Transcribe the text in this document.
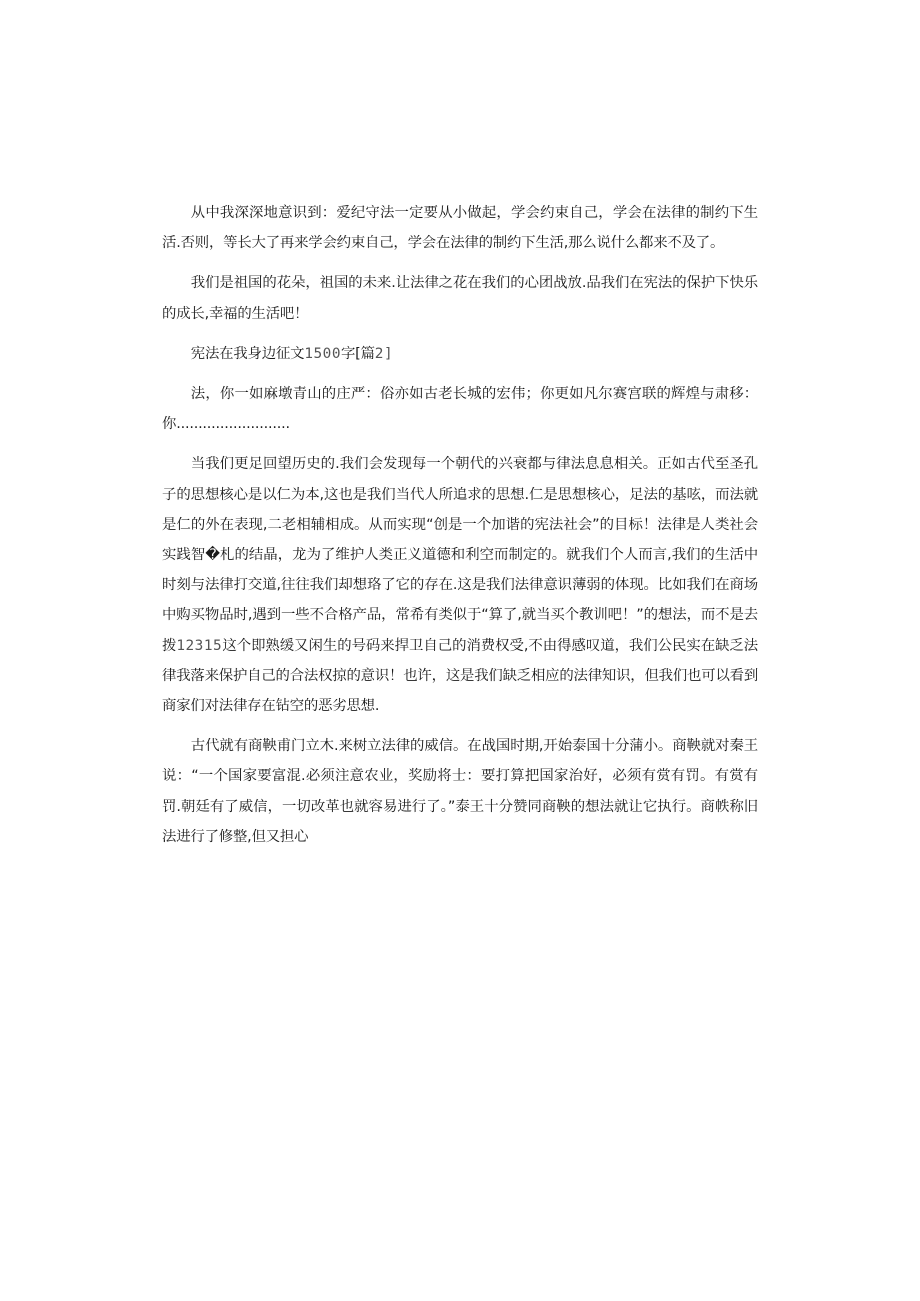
从中我深深地意识到：爱纪守法一定要从小做起，学会约束自己，学会在法律的制约下生活.否则，等长大了再来学会约束自己，学会在法律的制约下生活,那么说什么都来不及了。

我们是祖国的花朵，祖国的未来.让法律之花在我们的心团战放.品我们在宪法的保护下快乐的成长,幸福的生活吧！

宪法在我身边征文1500字[篇2]

法，你一如麻墩青山的庄严：俗亦如古老长城的宏伟；你更如凡尔赛宫联的辉煌与肃移：你..........................

当我们更足回望历史的.我们会发现每一个朝代的兴衰都与律法息息相关。正如古代至圣孔子的思想核心是以仁为本,这也是我们当代人所追求的思想.仁是思想核心，足法的基呟，而法就是仁的外在表现,二老相辅相成。从而实现“创是一个加谐的宪法社会”的目标！法律是人类社会实践智�札的结晶，龙为了维护人类正义道德和利空而制定的。就我们个人而言,我们的生活中时刻与法律打交道,往往我们却想珞了它的存在.这是我们法律意识薄弱的体现。比如我们在商场中购买物品时,遇到一些不合格产品，常希有类似于“算了,就当买个教训吧！”的想法，而不是去拨12315这个即熟缓又闲生的号码来捍卫自己的消费权受,不由得感叹道，我们公民实在缺乏法律我落来保护自己的合法权掠的意识！也许，这是我们缺乏相应的法律知识，但我们也可以看到商家们对法律存在钻空的恶劣思想.

古代就有商鞅甫门立木.来树立法律的威信。在战国时期,开始泰国十分蒲小。商鞅就对秦王说：“一个国家要富混.必须注意农业，奖励将士：要打算把国家治好，必须有赏有罚。有赏有罚.朝廷有了威信，一切改革也就容易进行了。”泰王十分赞同商鞅的想法就让它执行。商帙称旧法进行了修整,但又担心
